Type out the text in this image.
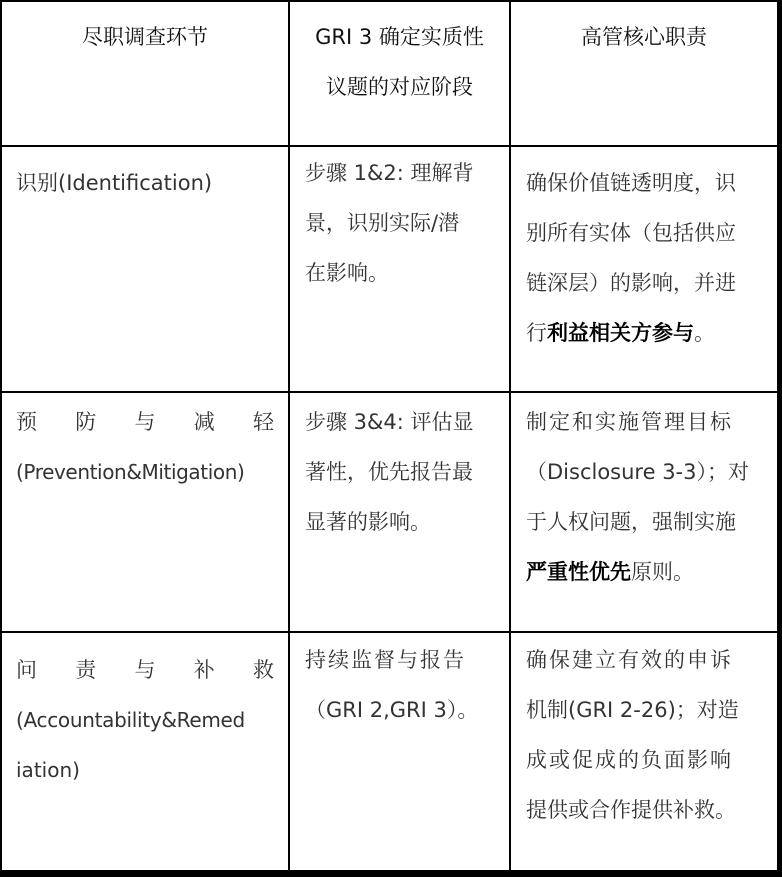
尽职调查环节	GRI 3 确定实质性
议题的对应阶段
高管核心职责
识别(Identification)	步骤 1&2: 理解背
景，识别实际/潜
在影响。
确保价值链透明度，识
别所有实体（包括供应
链深层）的影响，并进
行利益相关方参与。
预 防 与 减 轻
(Prevention&Mitigation)
步骤 3&4: 评估显
著性，优先报告最
显著的影响。
制定和实施管理目标
（Disclosure 3-3）；对
于人权问题，强制实施
严重性优先原则。
问 责 与 补 救
(Accountability&Remed
iation)
持续监督与报告
（GRI 2,GRI 3）。
确保建立有效的申诉
机制(GRI 2-26)；对造
成或促成的负面影响
提供或合作提供补救。
